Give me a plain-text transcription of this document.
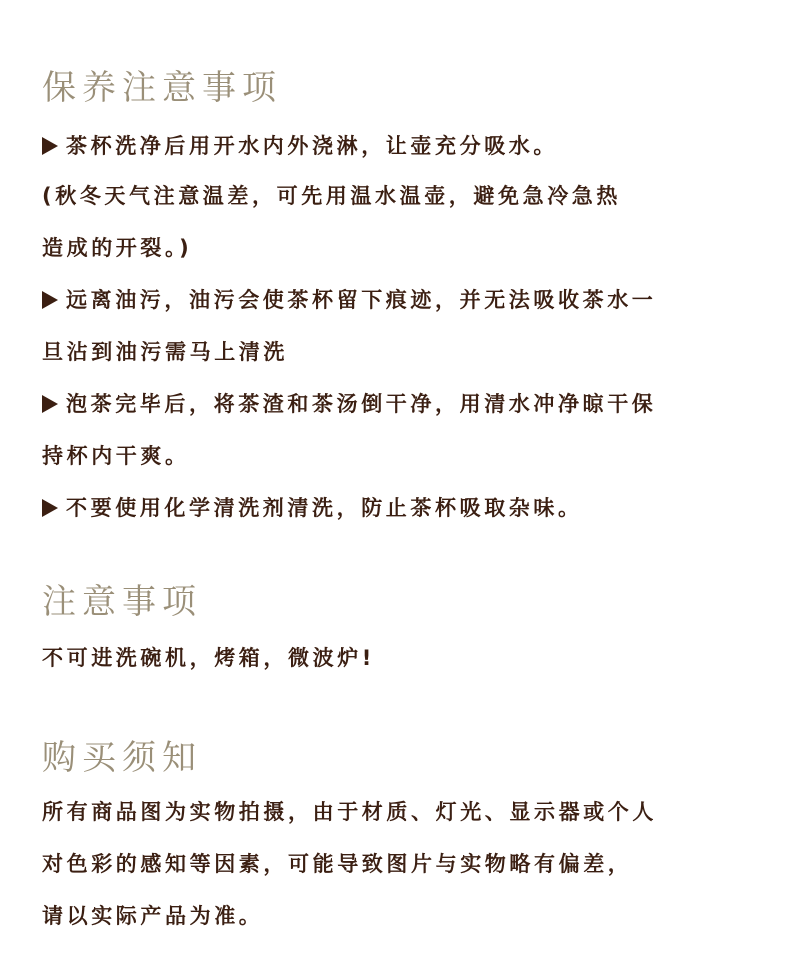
保养注意事项
茶杯洗净后用开水内外浇淋，让壶充分吸水。
(秋冬天气注意温差，可先用温水温壶，避免急冷急热
造成的开裂。)
远离油污，油污会使茶杯留下痕迹，并无法吸收茶水一
旦沾到油污需马上清洗
泡茶完毕后，将茶渣和茶汤倒干净，用清水冲净晾干保
持杯内干爽。
不要使用化学清洗剂清洗，防止茶杯吸取杂味。
注意事项
不可进洗碗机，烤箱，微波炉!
购买须知
所有商品图为实物拍摄，由于材质、灯光、显示器或个人
对色彩的感知等因素，可能导致图片与实物略有偏差，
请以实际产品为准。
